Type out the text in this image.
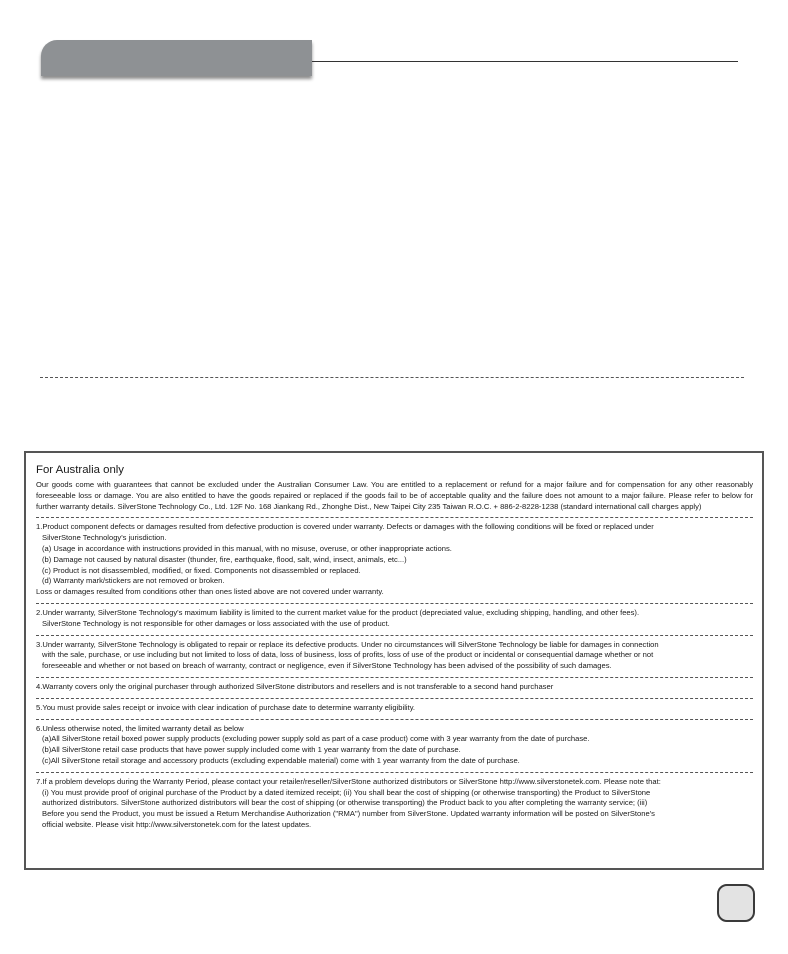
For Australia only
Our goods come with guarantees that cannot be excluded under the Australian Consumer Law. You are entitled to a replacement or refund for a major failure and for compensation for any other reasonably foreseeable loss or damage. You are also entitled to have the goods repaired or replaced if the goods fail to be of acceptable quality and the failure does not amount to a major failure. Please refer to below for further warranty details. SilverStone Technology Co., Ltd. 12F No. 168 Jiankang Rd., Zhonghe Dist., New Taipei City 235 Taiwan R.O.C. + 886-2-8228-1238 (standard international call charges apply)

1.Product component defects or damages resulted from defective production is covered under warranty. Defects or damages with the following conditions will be fixed or replaced under

SilverStone Technology's jurisdiction.

(a) Usage in accordance with instructions provided in this manual, with no misuse, overuse, or other inappropriate actions.

(b) Damage not caused by natural disaster (thunder, fire, earthquake, flood, salt, wind, insect, animals, etc...)

(c) Product is not disassembled, modified, or fixed. Components not disassembled or replaced.

(d) Warranty mark/stickers are not removed or broken.

Loss or damages resulted from conditions other than ones listed above are not covered under warranty.

2.Under warranty, SilverStone Technology's maximum liability is limited to the current market value for the product (depreciated value, excluding shipping, handling, and other fees).

SilverStone Technology is not responsible for other damages or loss associated with the use of product.

3.Under warranty, SilverStone Technology is obligated to repair or replace its defective products. Under no circumstances will SilverStone Technology be liable for damages in connection

with the sale, purchase, or use including but not limited to loss of data, loss of business, loss of profits, loss of use of the product or incidental or consequential damage whether or not

foreseeable and whether or not based on breach of warranty, contract or negligence, even if SilverStone Technology has been advised of the possibility of such damages.

4.Warranty covers only the original purchaser through authorized SilverStone distributors and resellers and is not transferable to a second hand purchaser

5.You must provide sales receipt or invoice with clear indication of purchase date to determine warranty eligibility.

6.Unless otherwise noted, the limited warranty detail as below

(a)All SilverStone retail boxed power supply products (excluding power supply sold as part of a case product) come with 3 year warranty from the date of purchase.

(b)All SilverStone retail case products that have power supply included come with 1 year warranty from the date of purchase.

(c)All SilverStone retail storage and accessory products (excluding expendable material) come with 1 year warranty from the date of purchase.

7.If a problem develops during the Warranty Period, please contact your retailer/reseller/SilverStone authorized distributors or SilverStone http://www.silverstonetek.com. Please note that:

(i) You must provide proof of original purchase of the Product by a dated itemized receipt; (ii) You shall bear the cost of shipping (or otherwise transporting) the Product to SilverStone

authorized distributors. SilverStone authorized distributors will bear the cost of shipping (or otherwise transporting) the Product back to you after completing the warranty service; (iii)

Before you send the Product, you must be issued a Return Merchandise Authorization ("RMA") number from SilverStone. Updated warranty information will be posted on SilverStone's

official website. Please visit http://www.silverstonetek.com for the latest updates.
